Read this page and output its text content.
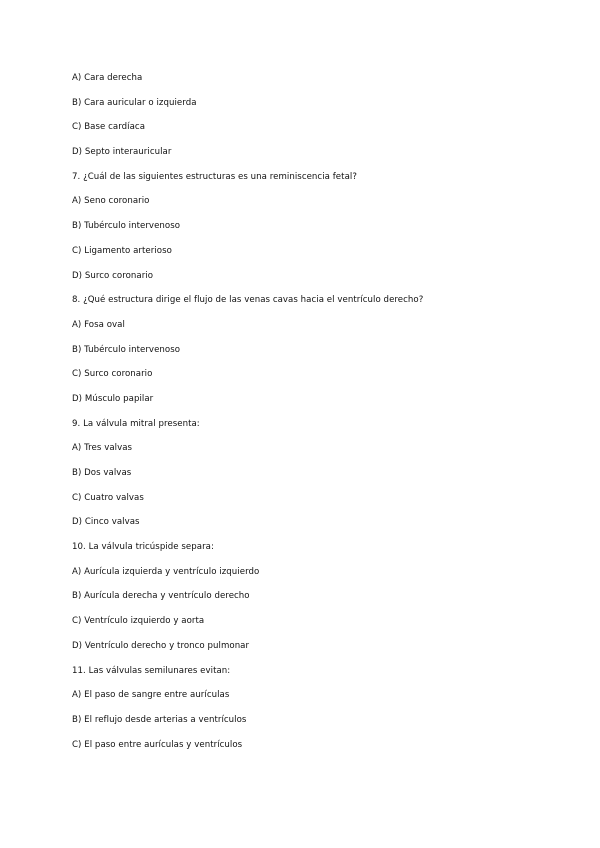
A) Cara derecha
B) Cara auricular o izquierda
C) Base cardíaca
D) Septo interauricular
7. ¿Cuál de las siguientes estructuras es una reminiscencia fetal?
A) Seno coronario
B) Tubérculo intervenoso
C) Ligamento arterioso
D) Surco coronario
8. ¿Qué estructura dirige el flujo de las venas cavas hacia el ventrículo derecho?
A) Fosa oval
B) Tubérculo intervenoso
C) Surco coronario
D) Músculo papilar
9. La válvula mitral presenta:
A) Tres valvas
B) Dos valvas
C) Cuatro valvas
D) Cinco valvas
10. La válvula tricúspide separa:
A) Aurícula izquierda y ventrículo izquierdo
B) Aurícula derecha y ventrículo derecho
C) Ventrículo izquierdo y aorta
D) Ventrículo derecho y tronco pulmonar
11. Las válvulas semilunares evitan:
A) El paso de sangre entre aurículas
B) El reflujo desde arterias a ventrículos
C) El paso entre aurículas y ventrículos
